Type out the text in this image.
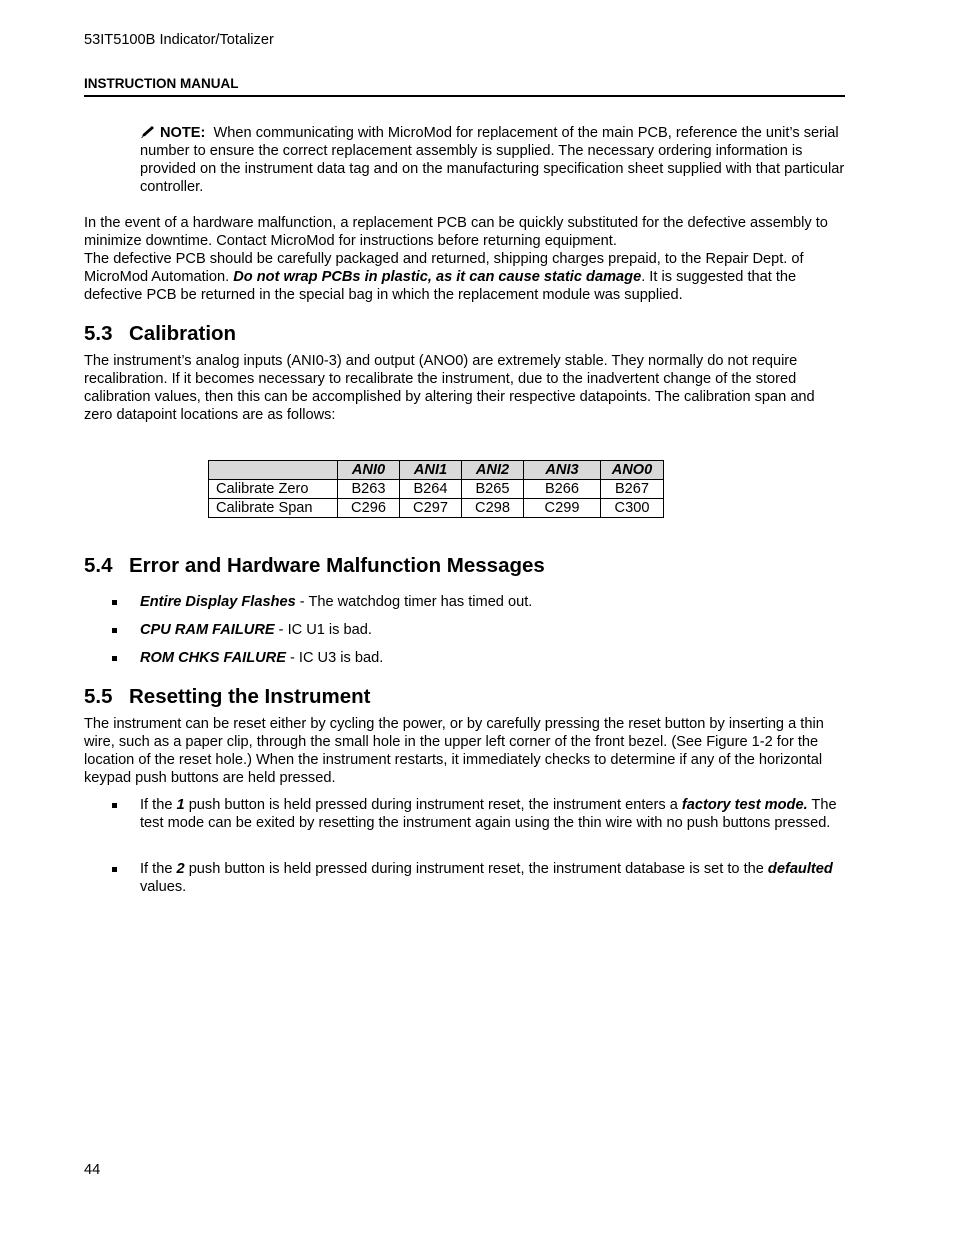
53IT5100B Indicator/Totalizer
INSTRUCTION MANUAL
NOTE: When communicating with MicroMod for replacement of the main PCB, reference the unit’s serial number to ensure the correct replacement assembly is supplied. The necessary ordering information is provided on the instrument data tag and on the manufacturing specification sheet supplied with that particular controller.
In the event of a hardware malfunction, a replacement PCB can be quickly substituted for the defective assembly to minimize downtime. Contact MicroMod for instructions before returning equipment.
The defective PCB should be carefully packaged and returned, shipping charges prepaid, to the Repair Dept. of MicroMod Automation. Do not wrap PCBs in plastic, as it can cause static damage. It is suggested that the defective PCB be returned in the special bag in which the replacement module was supplied.
5.3 Calibration
The instrument’s analog inputs (ANI0-3) and output (ANO0) are extremely stable. They normally do not require recalibration. If it becomes necessary to recalibrate the instrument, due to the inadvertent change of the stored calibration values, then this can be accomplished by altering their respective datapoints. The calibration span and
zero datapoint locations are as follows:
	ANI0	ANI1	ANI2	ANI3	ANO0
Calibrate Zero	B263	B264	B265	B266	B267
Calibrate Span	C296	C297	C298	C299	C300
5.4 Error and Hardware Malfunction Messages
Entire Display Flashes - The watchdog timer has timed out.
CPU RAM FAILURE - IC U1 is bad.
ROM CHKS FAILURE - IC U3 is bad.
5.5 Resetting the Instrument
The instrument can be reset either by cycling the power, or by carefully pressing the reset button by inserting a thin wire, such as a paper clip, through the small hole in the upper left corner of the front bezel. (See Figure 1-2 for the location of the reset hole.) When the instrument restarts, it immediately checks to determine if any of the horizontal keypad push buttons are held pressed.
If the 1 push button is held pressed during instrument reset, the instrument enters a factory test mode. The test mode can be exited by resetting the instrument again using the thin wire with no push buttons pressed.
If the 2 push button is held pressed during instrument reset, the instrument database is set to the defaulted values.
44
